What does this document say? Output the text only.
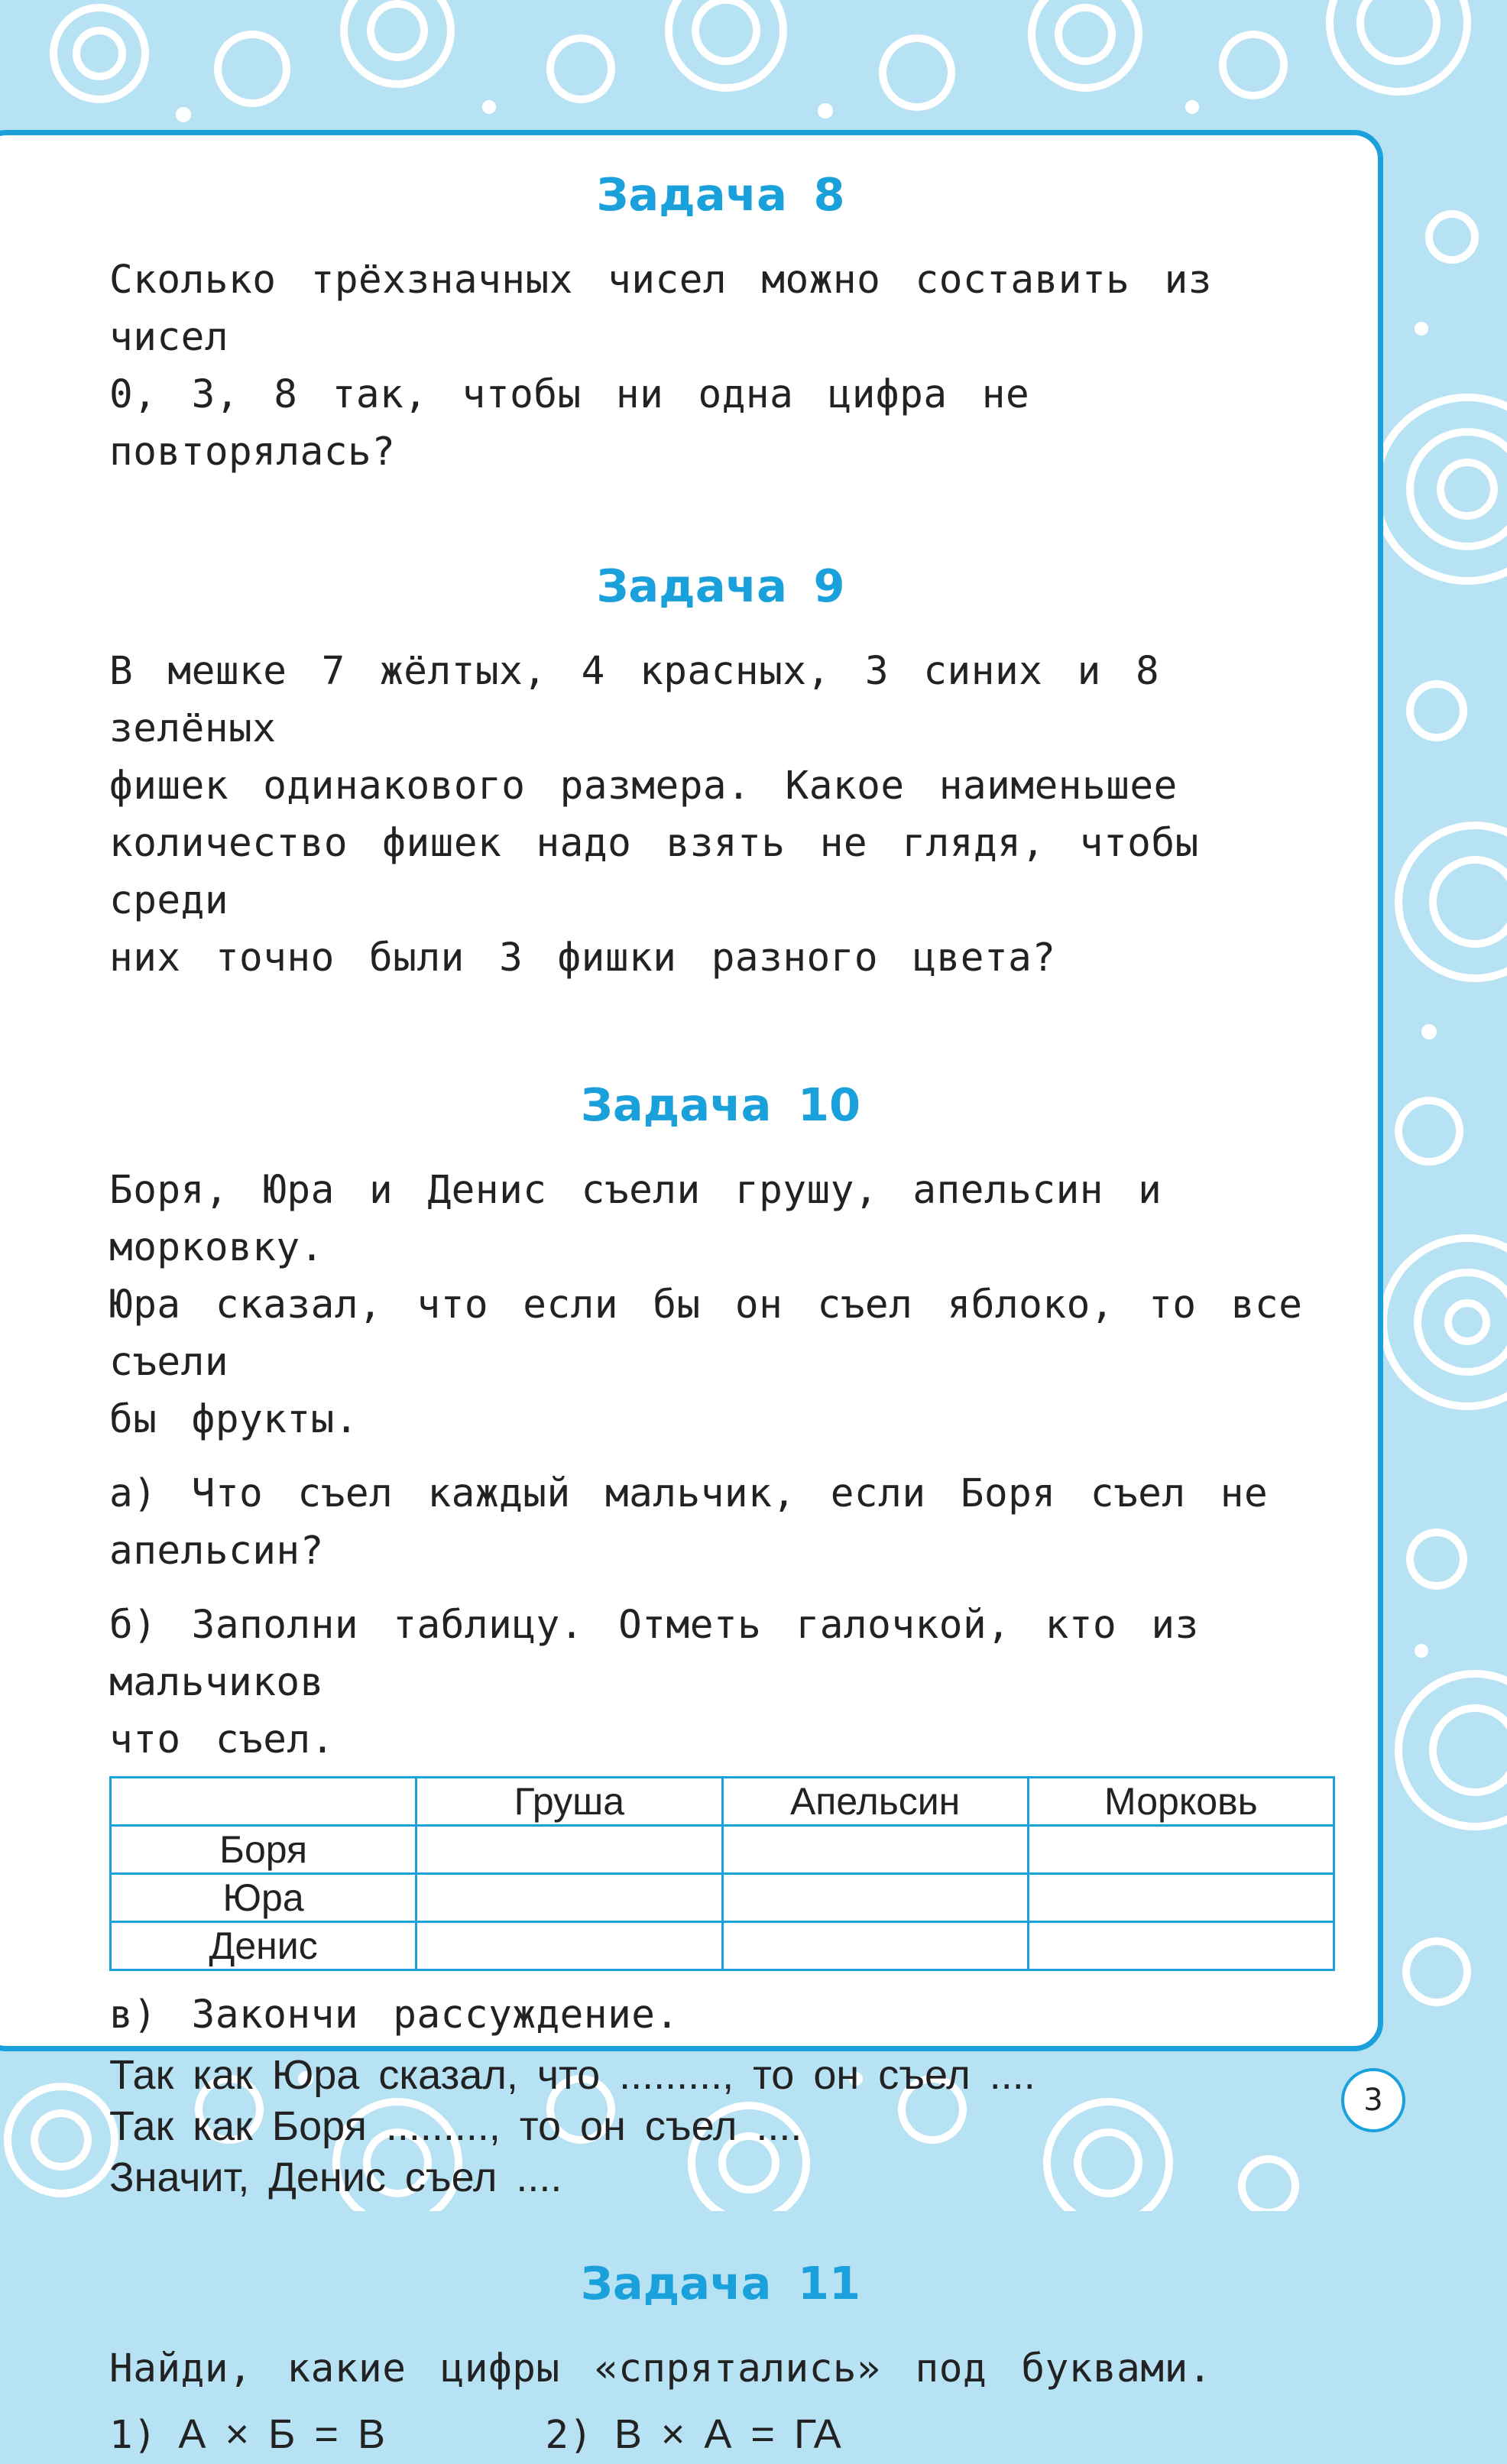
Задача 8

Сколько трёхзначных чисел можно составить из чисел

0, 3, 8 так, чтобы ни одна цифра не повторялась?

Задача 9

В мешке 7 жёлтых, 4 красных, 3 синих и 8 зелёных

фишек одинакового размера. Какое наименьшее

количество фишек надо взять не глядя, чтобы среди

них точно были 3 фишки разного цвета?

Задача 10

Боря, Юра и Денис съели грушу, апельсин и морковку.

Юра сказал, что если бы он съел яблоко, то все съели

бы фрукты.

а) Что съел каждый мальчик, если Боря съел не

апельсин?

б) Заполни таблицу. Отметь галочкой, кто из мальчиков

что съел.

	Груша	Апельсин	Морковь
Боря			
Юра			
Денис			

в) Закончи рассуждение.

Так как Юра сказал, что ........., то он съел ....

Так как Боря ........., то он съел ....

Значит, Денис съел ....

Задача 11

Найди, какие цифры «спрятались» под буквами.

1) А × Б = В	2) В × А = ГА
3
